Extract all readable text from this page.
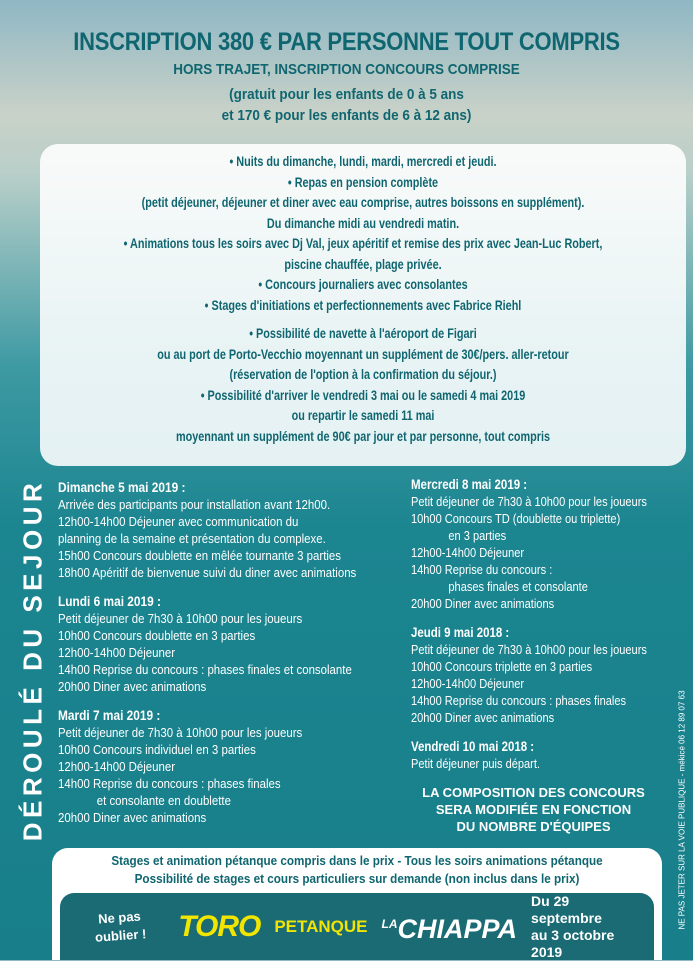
INSCRIPTION 380 € PAR PERSONNE TOUT COMPRIS
HORS TRAJET, INSCRIPTION CONCOURS COMPRISE
(gratuit pour les enfants de 0 à 5 ans
et 170 € pour les enfants de 6 à 12 ans)
• Nuits du dimanche, lundi, mardi, mercredi et jeudi.
• Repas en pension complète
(petit déjeuner, déjeuner et diner avec eau comprise, autres boissons en supplément).
Du dimanche midi au vendredi matin.
• Animations tous les soirs avec Dj Val, jeux apéritif et remise des prix avec Jean-Luc Robert,
piscine chauffée, plage privée.
• Concours journaliers avec consolantes
• Stages d'initiations et perfectionnements avec Fabrice Riehl
• Possibilité de navette à l'aéroport de Figari
ou au port de Porto-Vecchio moyennant un supplément de 30€/pers. aller-retour
(réservation de l'option à la confirmation du séjour.)
• Possibilité d'arriver le vendredi 3 mai ou le samedi 4 mai 2019
ou repartir le samedi 11 mai
moyennant un supplément de 90€ par jour et par personne, tout compris
DÉROULÉ DU SEJOUR Dimanche 5 mai 2019 :
Arrivée des participants pour installation avant 12h00.
12h00-14h00 Déjeuner avec communication du
planning de la semaine et présentation du complexe.
15h00 Concours doublette en mêlée tournante 3 parties
18h00 Apéritif de bienvenue suivi du diner avec animations
Lundi 6 mai 2019 :
Petit déjeuner de 7h30 à 10h00 pour les joueurs
10h00 Concours doublette en 3 parties
12h00-14h00 Déjeuner
14h00 Reprise du concours : phases finales et consolante
20h00 Diner avec animations
Mardi 7 mai 2019 :
Petit déjeuner de 7h30 à 10h00 pour les joueurs
10h00 Concours individuel en 3 parties
12h00-14h00 Déjeuner
14h00 Reprise du concours : phases finales
et consolante en doublette
20h00 Diner avec animations
Mercredi 8 mai 2019 :
Petit déjeuner de 7h30 à 10h00 pour les joueurs
10h00 Concours TD (doublette ou triplette)
en 3 parties
12h00-14h00 Déjeuner
14h00 Reprise du concours :
phases finales et consolante
20h00 Diner avec animations
Jeudi 9 mai 2018 :
Petit déjeuner de 7h30 à 10h00 pour les joueurs
10h00 Concours triplette en 3 parties
12h00-14h00 Déjeuner
14h00 Reprise du concours : phases finales
20h00 Diner avec animations
Vendredi 10 mai 2018 :
Petit déjeuner puis départ.
LA COMPOSITION DES CONCOURS
SERA MODIFIÉE EN FONCTION
DU NOMBRE D'ÉQUIPES	NE PAS JETER SUR LA VOIE PUBLIQUE - mékicé 06 12 89 07 63
Stages et animation pétanque compris dans le prix - Tous les soirs animations pétanque
Possibilité de stages et cours particuliers sur demande (non inclus dans le prix)
Ne pas oublier !	TORO PETANQUE $^{LA}$CHIAPPA
Du 29 septembre
au 3 octobre 2019
